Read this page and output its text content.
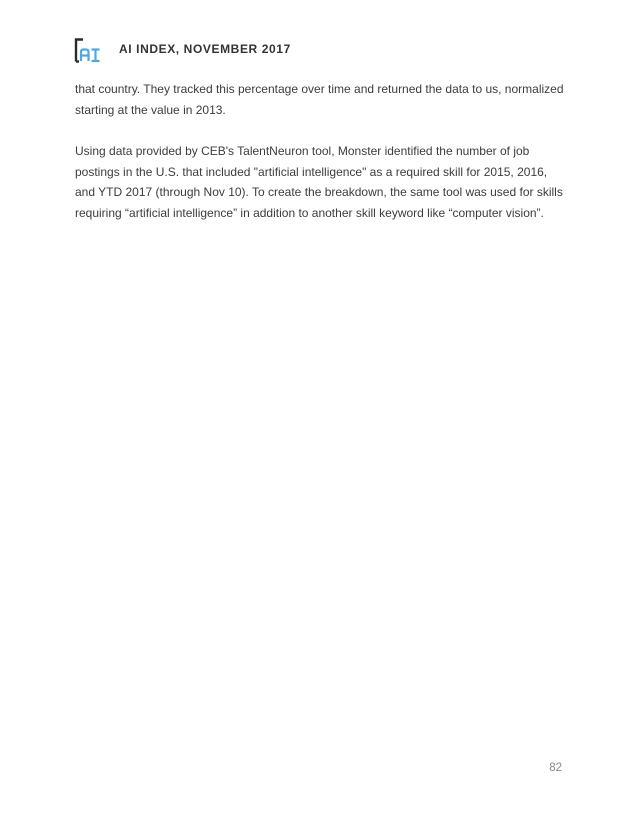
AI INDEX, NOVEMBER 2017

that country. They tracked this percentage over time and returned the data to us, normalized starting at the value in 2013.

Using data provided by CEB's TalentNeuron tool, Monster identified the number of job postings in the U.S. that included "artificial intelligence" as a required skill for 2015, 2016, and YTD 2017 (through Nov 10). To create the breakdown, the same tool was used for skills requiring “artificial intelligence” in addition to another skill keyword like “computer vision”.

82
